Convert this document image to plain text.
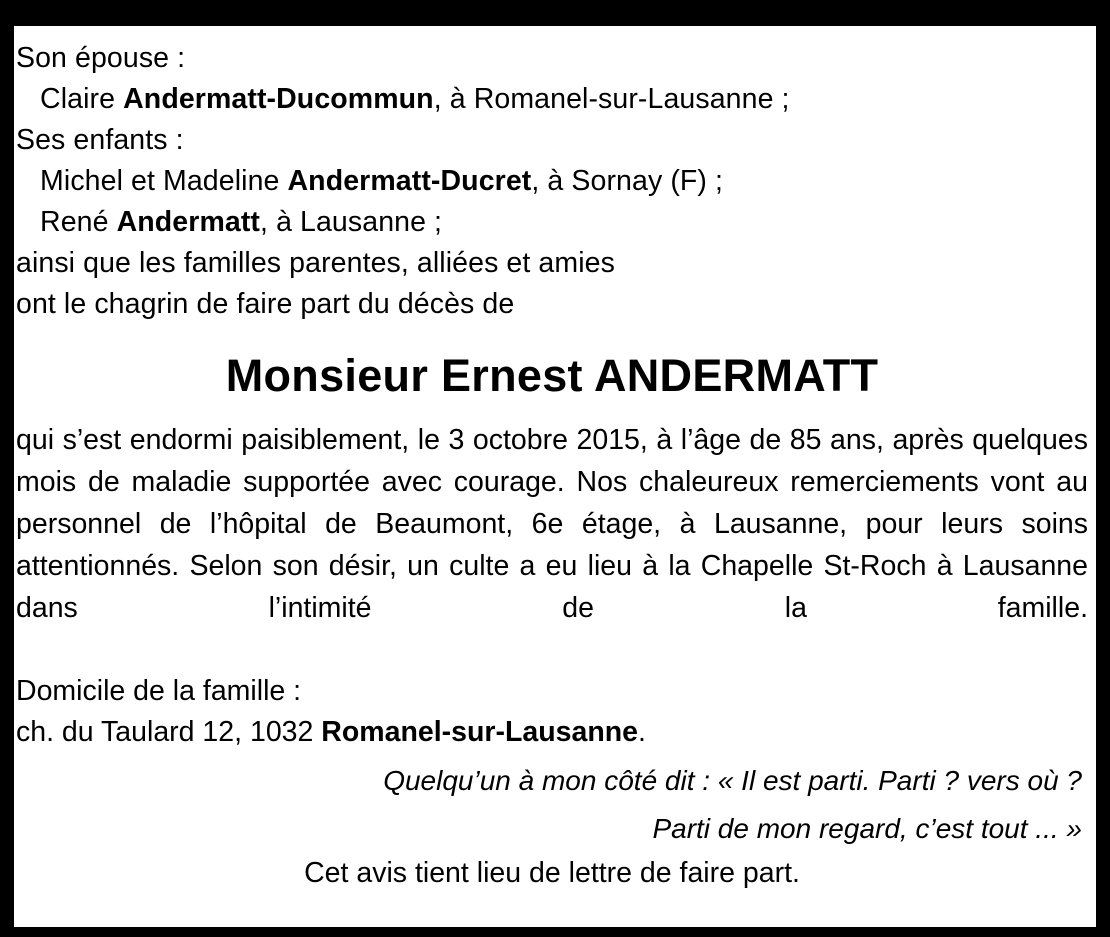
Son épouse :
Claire Andermatt-Ducommun, à Romanel-sur-Lausanne ;
Ses enfants :
Michel et Madeline Andermatt-Ducret, à Sornay (F) ;
René Andermatt, à Lausanne ;
ainsi que les familles parentes, alliées et amies
ont le chagrin de faire part du décès de
Monsieur Ernest ANDERMATT

qui s’est endormi paisiblement, le 3 octobre 2015, à l’âge de 85 ans, après quelques mois de maladie supportée avec courage. Nos chaleureux remerciements vont au personnel de l’hôpital de Beaumont, 6e étage, à Lausanne, pour leurs soins attentionnés. Selon son désir, un culte a eu lieu à la Chapelle St-Roch à Lausanne dans l’intimité de la famille.

Domicile de la famille :
ch. du Taulard 12, 1032 Romanel-sur-Lausanne.
Quelqu’un à mon côté dit : « Il est parti. Parti ? vers où ?
Parti de mon regard, c’est tout ... »
Cet avis tient lieu de lettre de faire part.
